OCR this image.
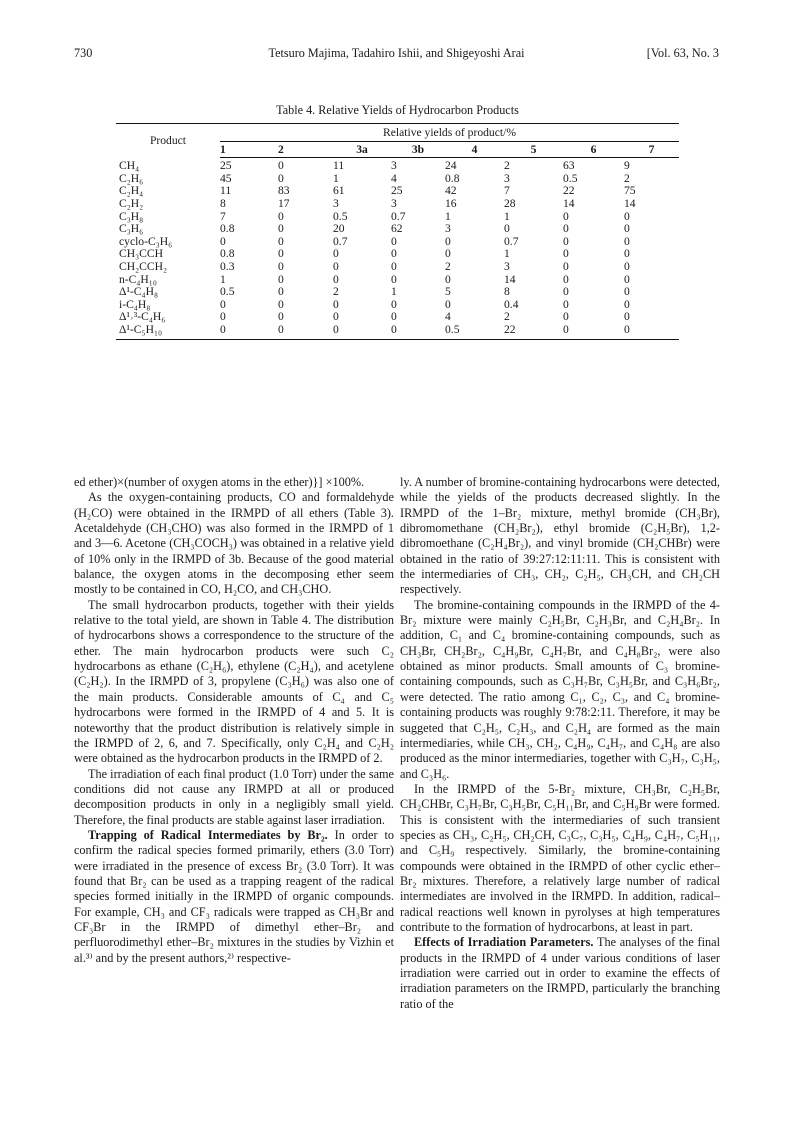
730	Tetsuro Majima, Tadahiro Ishii, and Shigeyoshi Arai	[Vol. 63, No. 3
Table 4. Relative Yields of Hydrocarbon Products
Product	Relative yields of product/%							
	1	2	3a	3b	4	5	6	7
CH₄	25	0	11	3	24	2	63	9
C₂H₆	45	0	1	4	0.8	3	0.5	2
C₂H₄	11	83	61	25	42	7	22	75
C₂H₂	8	17	3	3	16	28	14	14
C₃H₈	7	0	0.5	0.7	1	1	0	0
C₃H₆	0.8	0	20	62	3	0	0	0
cyclo-C₃H₆	0	0	0.7	0	0	0.7	0	0
CH₃CCH	0.8	0	0	0	0	1	0	0
CH₂CCH₂	0.3	0	0	0	2	3	0	0
n-C₄H₁₀	1	0	0	0	0	14	0	0
Δ¹-C₄H₈	0.5	0	2	1	5	8	0	0
i-C₄H₈	0	0	0	0	0	0.4	0	0
Δ¹˒³-C₄H₆	0	0	0	0	4	2	0	0
Δ¹-C₅H₁₀	0	0	0	0	0.5	22	0	0

ed ether)×(number of oxygen atoms in the ether)}] ×100%.

As the oxygen-containing products, CO and formaldehyde (H₂CO) were obtained in the IRMPD of all ethers (Table 3). Acetaldehyde (CH₃CHO) was also formed in the IRMPD of 1 and 3—6. Acetone (CH₃COCH₃) was obtained in a relative yield of 10% only in the IRMPD of 3b. Because of the good material balance, the oxygen atoms in the decomposing ether seem mostly to be contained in CO, H₂CO, and CH₃CHO.

The small hydrocarbon products, together with their yields relative to the total yield, are shown in Table 4. The distribution of hydrocarbons shows a correspondence to the structure of the ether. The main hydrocarbon products were such C₂ hydrocarbons as ethane (C₂H₆), ethylene (C₂H₄), and acetylene (C₂H₂). In the IRMPD of 3, propylene (C₃H₆) was also one of the main products. Considerable amounts of C₄ and C₅ hydrocarbons were formed in the IRMPD of 4 and 5. It is noteworthy that the product distribution is relatively simple in the IRMPD of 2, 6, and 7. Specifically, only C₂H₄ and C₂H₂ were obtained as the hydrocarbon products in the IRMPD of 2.

The irradiation of each final product (1.0 Torr) under the same conditions did not cause any IRMPD at all or produced decomposition products in only in a negligibly small yield. Therefore, the final products are stable against laser irradiation.

Trapping of Radical Intermediates by Br₂. In order to confirm the radical species formed primarily, ethers (3.0 Torr) were irradiated in the presence of excess Br₂ (3.0 Torr). It was found that Br₂ can be used as a trapping reagent of the radical species formed initially in the IRMPD of organic compounds. For example, CH₃ and CF₃ radicals were trapped as CH₃Br and CF₃Br in the IRMPD of dimethyl ether–Br₂ and perfluorodimethyl ether–Br₂ mixtures in the studies by Vizhin et al.³⁾ and by the present authors,²⁾ respective-

ly. A number of bromine-containing hydrocarbons were detected, while the yields of the products decreased slightly. In the IRMPD of the 1–Br₂ mixture, methyl bromide (CH₃Br), dibromomethane (CH₂Br₂), ethyl bromide (C₂H₅Br), 1,2-dibromoethane (C₂H₄Br₂), and vinyl bromide (CH₂CHBr) were obtained in the ratio of 39:27:12:11:11. This is consistent with the intermediaries of CH₃, CH₂, C₂H₅, CH₃CH, and CH₂CH respectively.

The bromine-containing compounds in the IRMPD of the 4-Br₂ mixture were mainly C₂H₅Br, C₂H₃Br, and C₂H₄Br₂. In addition, C₁ and C₄ bromine-containing compounds, such as CH₃Br, CH₂Br₂, C₄H₉Br, C₄H₇Br, and C₄H₈Br₂, were also obtained as minor products. Small amounts of C₃ bromine-containing compounds, such as C₃H₇Br, C₃H₅Br, and C₃H₆Br₂, were detected. The ratio among C₁, C₂, C₃, and C₄ bromine-containing products was roughly 9:78:2:11. Therefore, it may be suggeted that C₂H₅, C₂H₃, and C₂H₄ are formed as the main intermediaries, while CH₃, CH₂, C₄H₉, C₄H₇, and C₄H₈ are also produced as the minor intermediaries, together with C₃H₇, C₃H₅, and C₃H₆.

In the IRMPD of the 5-Br₂ mixture, CH₃Br, C₂H₅Br, CH₂CHBr, C₃H₇Br, C₃H₅Br, C₅H₁₁Br, and C₅H₉Br were formed. This is consistent with the intermediaries of such transient species as CH₃, C₂H₅, CH₂CH, C₃C₇, C₃H₅, C₄H₉, C₄H₇, C₅H₁₁, and C₅H₉ respectively. Similarly, the bromine-containing compounds were obtained in the IRMPD of other cyclic ether–Br₂ mixtures. Therefore, a relatively large number of radical intermediates are involved in the IRMPD. In addition, radical–radical reactions well known in pyrolyses at high temperatures contribute to the formation of hydrocarbons, at least in part.

Effects of Irradiation Parameters. The analyses of the final products in the IRMPD of 4 under various conditions of laser irradiation were carried out in order to examine the effects of irradiation parameters on the IRMPD, particularly the branching ratio of the
